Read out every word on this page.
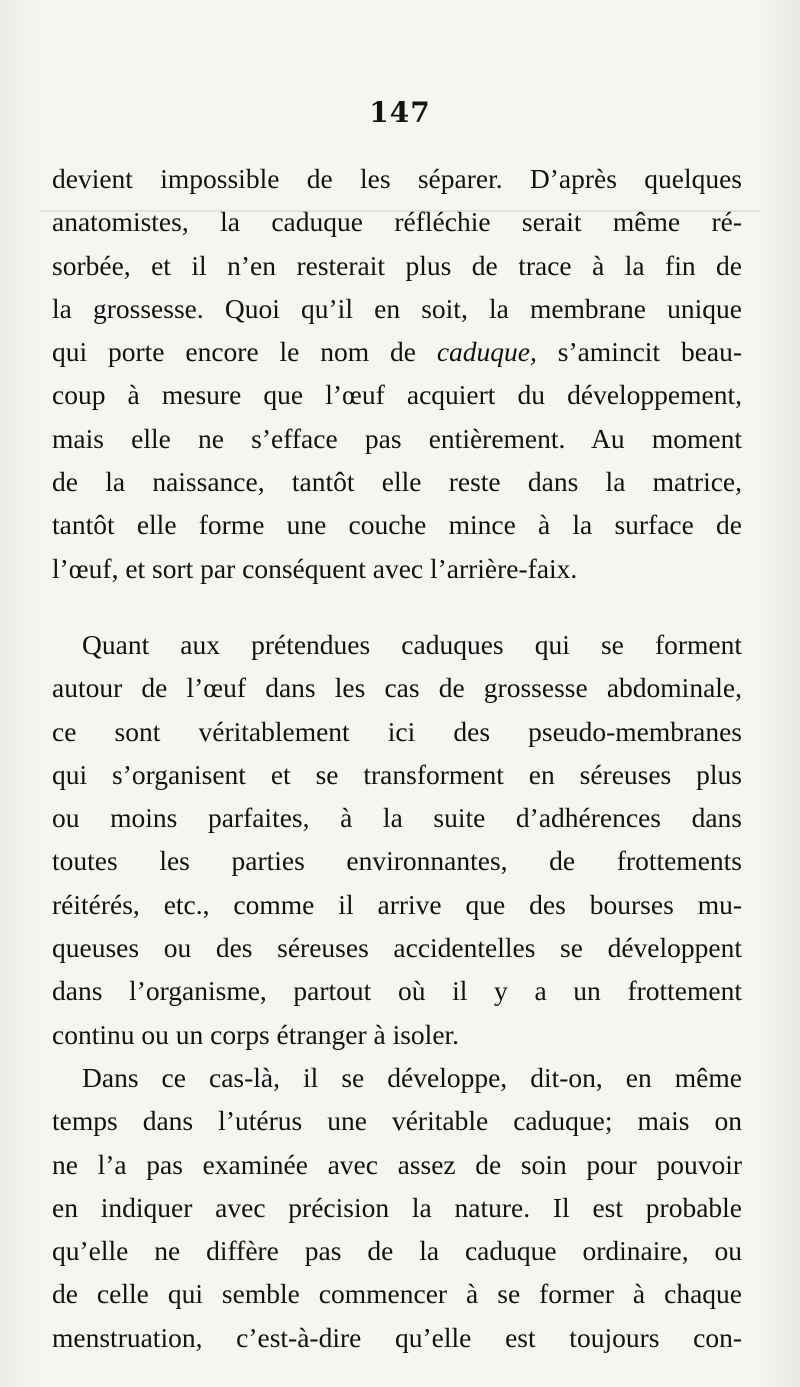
147
devient impossible de les séparer. D’après quelques
anatomistes, la caduque réfléchie serait même ré-
sorbée, et il n’en resterait plus de trace à la fin de
la grossesse. Quoi qu’il en soit, la membrane unique
qui porte encore le nom de caduque, s’amincit beau-
coup à mesure que l’œuf acquiert du développement,
mais elle ne s’efface pas entièrement. Au moment
de la naissance, tantôt elle reste dans la matrice,
tantôt elle forme une couche mince à la surface de
l’œuf, et sort par conséquent avec l’arrière-faix.
Quant aux prétendues caduques qui se forment
autour de l’œuf dans les cas de grossesse abdominale,
ce sont véritablement ici des pseudo-membranes
qui s’organisent et se transforment en séreuses plus
ou moins parfaites, à la suite d’adhérences dans
toutes les parties environnantes, de frottements
réitérés, etc., comme il arrive que des bourses mu-
queuses ou des séreuses accidentelles se développent
dans l’organisme, partout où il y a un frottement
continu ou un corps étranger à isoler.
Dans ce cas-là, il se développe, dit-on, en même
temps dans l’utérus une véritable caduque; mais on
ne l’a pas examinée avec assez de soin pour pouvoir
en indiquer avec précision la nature. Il est probable
qu’elle ne diffère pas de la caduque ordinaire, ou
de celle qui semble commencer à se former à chaque
menstruation, c’est-à-dire qu’elle est toujours con-
